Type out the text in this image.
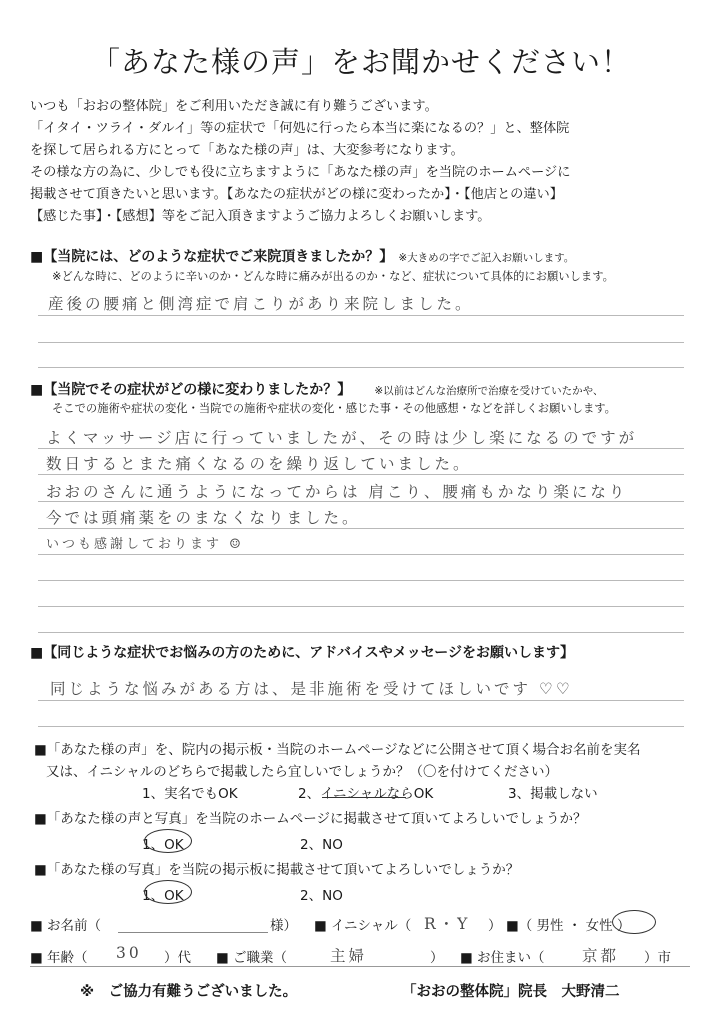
「あなた様の声」をお聞かせください！
いつも「おおの整体院」をご利用いただき誠に有り難うございます。
「イタイ・ツライ・ダルイ」等の症状で「何処に行ったら本当に楽になるの？」と、整体院
を探して居られる方にとって「あなた様の声」は、大変参考になります。
その様な方の為に、少しでも役に立ちますように「あなた様の声」を当院のホームページに
掲載させて頂きたいと思います。【あなたの症状がどの様に変わったか】・【他店との違い】
【感じた事】・【感想】等をご記入頂きますようご協力よろしくお願いします。
■【当院には、どのような症状でご来院頂きましたか？】 ※大きめの字でご記入お願いします。
※どんな時に、どのように辛いのか・どんな時に痛みが出るのか・など、症状について具体的にお願いします。
産後の腰痛と側湾症で肩こりがあり来院しました。
■【当院でその症状がどの様に変わりましたか？】 ※以前はどんな治療所で治療を受けていたかや、
そこでの施術や症状の変化・当院での施術や症状の変化・感じた事・その他感想・などを詳しくお願いします。
よくマッサージ店に行っていましたが、その時は少し楽になるのですが
数日するとまた痛くなるのを繰り返していました。
おおのさんに通うようになってからは 肩こり、腰痛もかなり楽になり
今では頭痛薬をのまなくなりました。
いつも感謝しております ☺
■【同じような症状でお悩みの方のために、アドバイスやメッセージをお願いします】
同じような悩みがある方は、是非施術を受けてほしいです ♡♡
■「あなた様の声」を、院内の掲示板・当院のホームページなどに公開させて頂く場合お名前を実名
又は、イニシャルのどちらで掲載したら宜しいでしょうか？（〇を付けてください）
1、実名でもOK	2、イニシャルならOK	3、掲載しない
■「あなた様の声と写真」を当院のホームページに掲載させて頂いてよろしいでしょうか？
1、OK	2、NO
■「あなた様の写真」を当院の掲示板に掲載させて頂いてよろしいでしょうか？
1、OK	2、NO
■ お名前（	様） ■ イニシャル（ R・Y ） ■（ 男性 ・ 女性 ）
■ 年齢（ 30 ）代 ■ ご職業（	主婦	） ■ お住まい（ 京都 ）市
※　ご協力有難うございました。	「おおの整体院」院長　大野清二
